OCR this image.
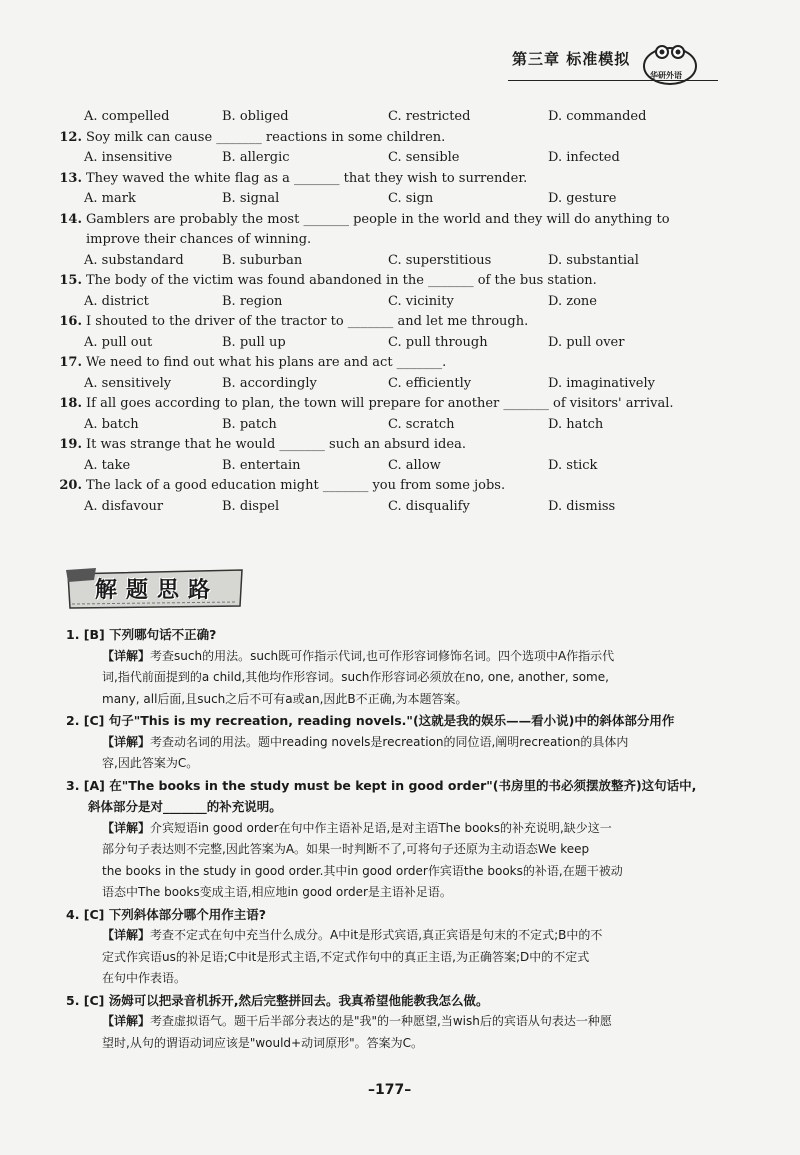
第三章 标准模拟
华研外语
A. compelled	B. obliged	C. restricted	D. commanded
12. Soy milk can cause _______ reactions in some children.
A. insensitive	B. allergic	C. sensible	D. infected
13. They waved the white flag as a _______ that they wish to surrender.
A. mark	B. signal	C. sign	D. gesture
14. Gamblers are probably the most _______ people in the world and they will do anything to
improve their chances of winning.
A. substandard	B. suburban	C. superstitious	D. substantial
15. The body of the victim was found abandoned in the _______ of the bus station.
A. district	B. region	C. vicinity	D. zone
16. I shouted to the driver of the tractor to _______ and let me through.
A. pull out	B. pull up	C. pull through	D. pull over
17. We need to find out what his plans are and act _______.
A. sensitively	B. accordingly	C. efficiently	D. imaginatively
18. If all goes according to plan, the town will prepare for another _______ of visitors' arrival.
A. batch	B. patch	C. scratch	D. hatch
19. It was strange that he would _______ such an absurd idea.
A. take	B. entertain	C. allow	D. stick
20. The lack of a good education might _______ you from some jobs.
A. disfavour	B. dispel	C. disqualify	D. dismiss
解题思路
1. [B] 下列哪句话不正确?
【详解】考查such的用法。such既可作指示代词,也可作形容词修饰名词。四个选项中A作指示代
词,指代前面提到的a child,其他均作形容词。such作形容词必须放在no, one, another, some,
many, all后面,且such之后不可有a或an,因此B不正确,为本题答案。
2. [C] 句子"This is my recreation, reading novels."(这就是我的娱乐——看小说)中的斜体部分用作
【详解】考查动名词的用法。题中reading novels是recreation的同位语,阐明recreation的具体内
容,因此答案为C。
3. [A] 在"The books in the study must be kept in good order"(书房里的书必须摆放整齐)这句话中,
斜体部分是对_______的补充说明。
【详解】介宾短语in good order在句中作主语补足语,是对主语The books的补充说明,缺少这一
部分句子表达则不完整,因此答案为A。如果一时判断不了,可将句子还原为主动语态We keep
the books in the study in good order.其中in good order作宾语the books的补语,在题干被动
语态中The books变成主语,相应地in good order是主语补足语。
4. [C] 下列斜体部分哪个用作主语?
【详解】考查不定式在句中充当什么成分。A中it是形式宾语,真正宾语是句末的不定式;B中的不
定式作宾语us的补足语;C中it是形式主语,不定式作句中的真正主语,为正确答案;D中的不定式
在句中作表语。
5. [C] 汤姆可以把录音机拆开,然后完整拼回去。我真希望他能教我怎么做。
【详解】考查虚拟语气。题干后半部分表达的是"我"的一种愿望,当wish后的宾语从句表达一种愿
望时,从句的谓语动词应该是"would+动词原形"。答案为C。
–177–
